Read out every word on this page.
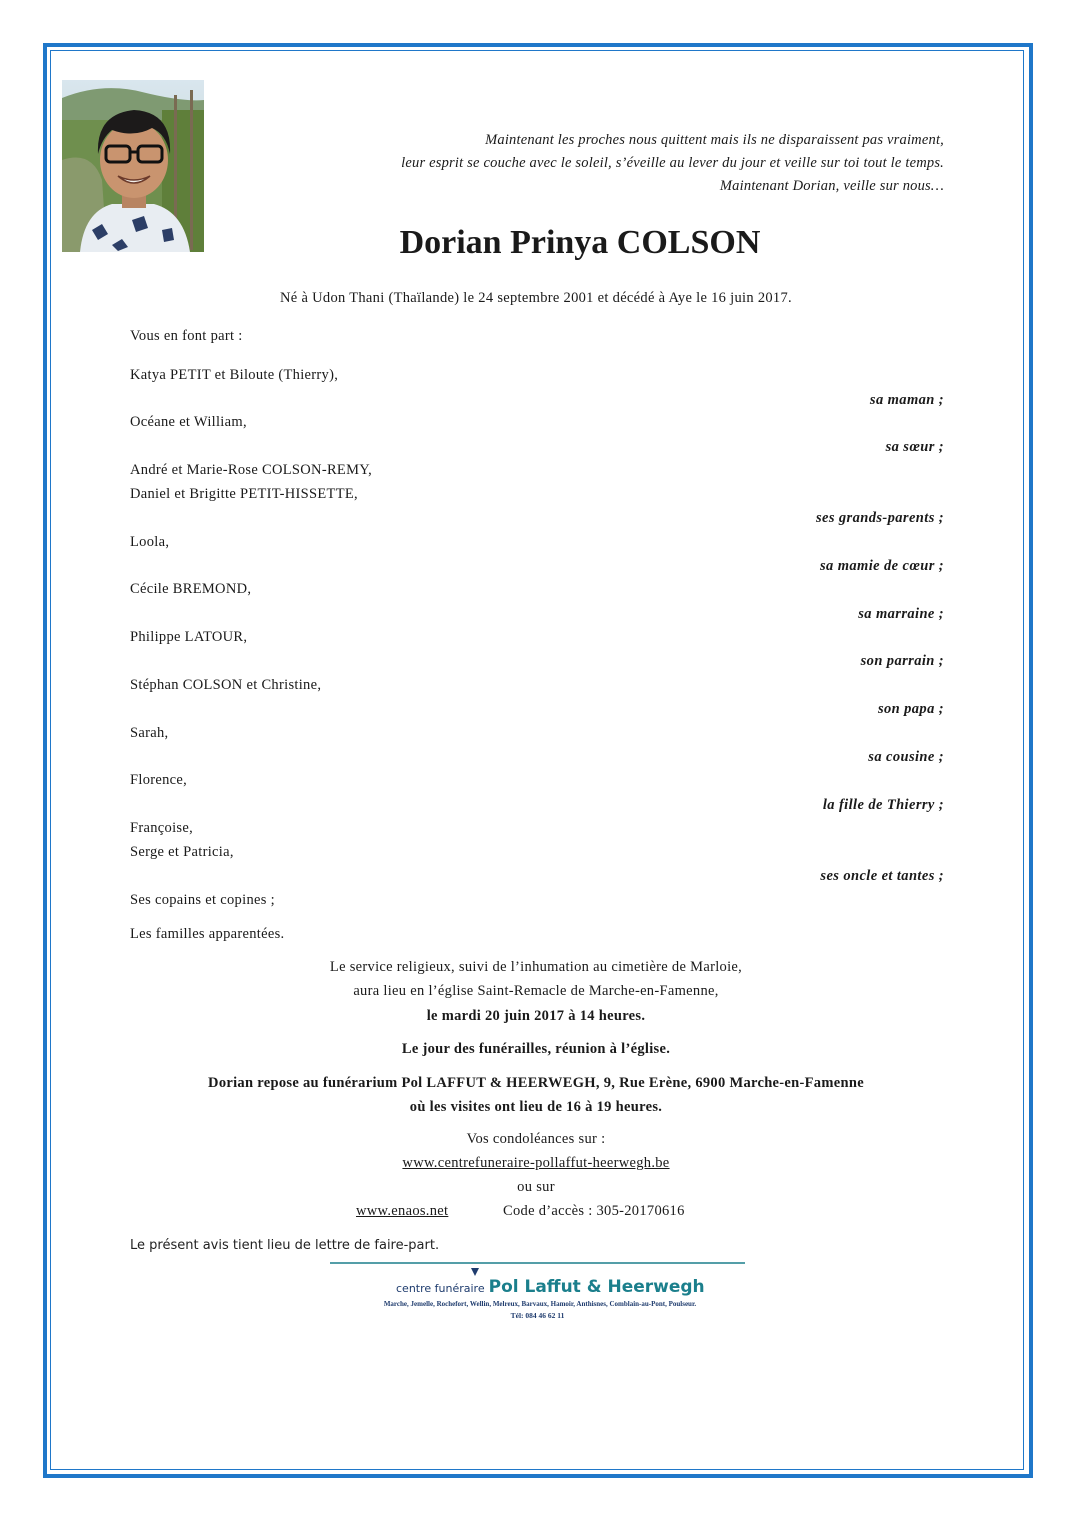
Maintenant les proches nous quittent mais ils ne disparaissent pas vraiment,
leur esprit se couche avec le soleil, s’éveille au lever du jour et veille sur toi tout le temps.
Maintenant Dorian, veille sur nous…
Dorian Prinya COLSON
Né à Udon Thani (Thaïlande) le 24 septembre 2001 et décédé à Aye le 16 juin 2017.
Vous en font part :
Katya PETIT et Biloute (Thierry),
sa maman ;
Océane et William,
sa sœur ;
André et Marie-Rose COLSON-REMY,
Daniel et Brigitte PETIT-HISSETTE,
ses grands-parents ;
Loola,
sa mamie de cœur ;
Cécile BREMOND,
sa marraine ;
Philippe LATOUR,
son parrain ;
Stéphan COLSON et Christine,
son papa ;
Sarah,
sa cousine ;
Florence,
la fille de Thierry ;
Françoise,
Serge et Patricia,
ses oncle et tantes ;
Ses copains et copines ;
Les familles apparentées.
Le service religieux, suivi de l’inhumation au cimetière de Marloie,
aura lieu en l’église Saint-Remacle de Marche-en-Famenne,
le mardi 20 juin 2017 à 14 heures.
Le jour des funérailles, réunion à l’église.
Dorian repose au funérarium Pol LAFFUT & HEERWEGH, 9, Rue Erène, 6900 Marche-en-Famenne
où les visites ont lieu de 16 à 19 heures.
Vos condoléances sur :
www.centrefuneraire-pollaffut-heerwegh.be
ou sur
www.enaos.net	Code d’accès : 305-20170616
Le présent avis tient lieu de lettre de faire-part.
centre funéraire Pol Laffut & Heerwegh
Marche, Jemelle, Rochefort, Wellin, Melreux, Barvaux, Hamoir, Anthisnes, Comblain-au-Pont, Poulseur.
Tél: 084 46 62 11
